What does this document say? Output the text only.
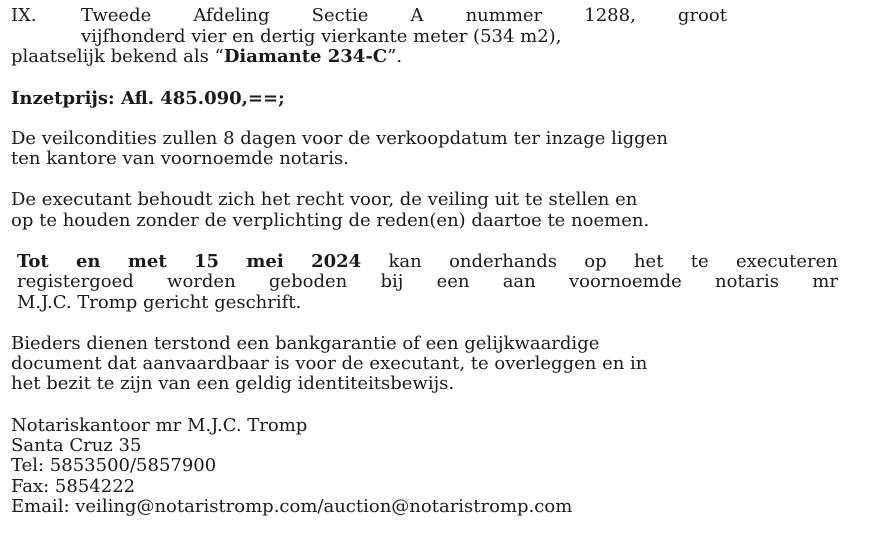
IX. Tweede Afdeling Sectie A nummer 1288, groot
vijfhonderd vier en dertig vierkante meter (534 m2),
plaatselijk bekend als “Diamante 234-C”.
Inzetprijs: Afl. 485.090,==;
De veilcondities zullen 8 dagen voor de verkoopdatum ter inzage liggen
ten kantore van voornoemde notaris.
De executant behoudt zich het recht voor, de veiling uit te stellen en
op te houden zonder de verplichting de reden(en) daartoe te noemen.
Tot en met 15 mei 2024 kan onderhands op het te executeren
registergoed worden geboden bij een aan voornoemde notaris mr
M.J.C. Tromp gericht geschrift.
Bieders dienen terstond een bankgarantie of een gelijkwaardige
document dat aanvaardbaar is voor de executant, te overleggen en in
het bezit te zijn van een geldig identiteitsbewijs.
Notariskantoor mr M.J.C. Tromp
Santa Cruz 35
Tel: 5853500/5857900
Fax: 5854222
Email: veiling@notaristromp.com/auction@notaristromp.com
